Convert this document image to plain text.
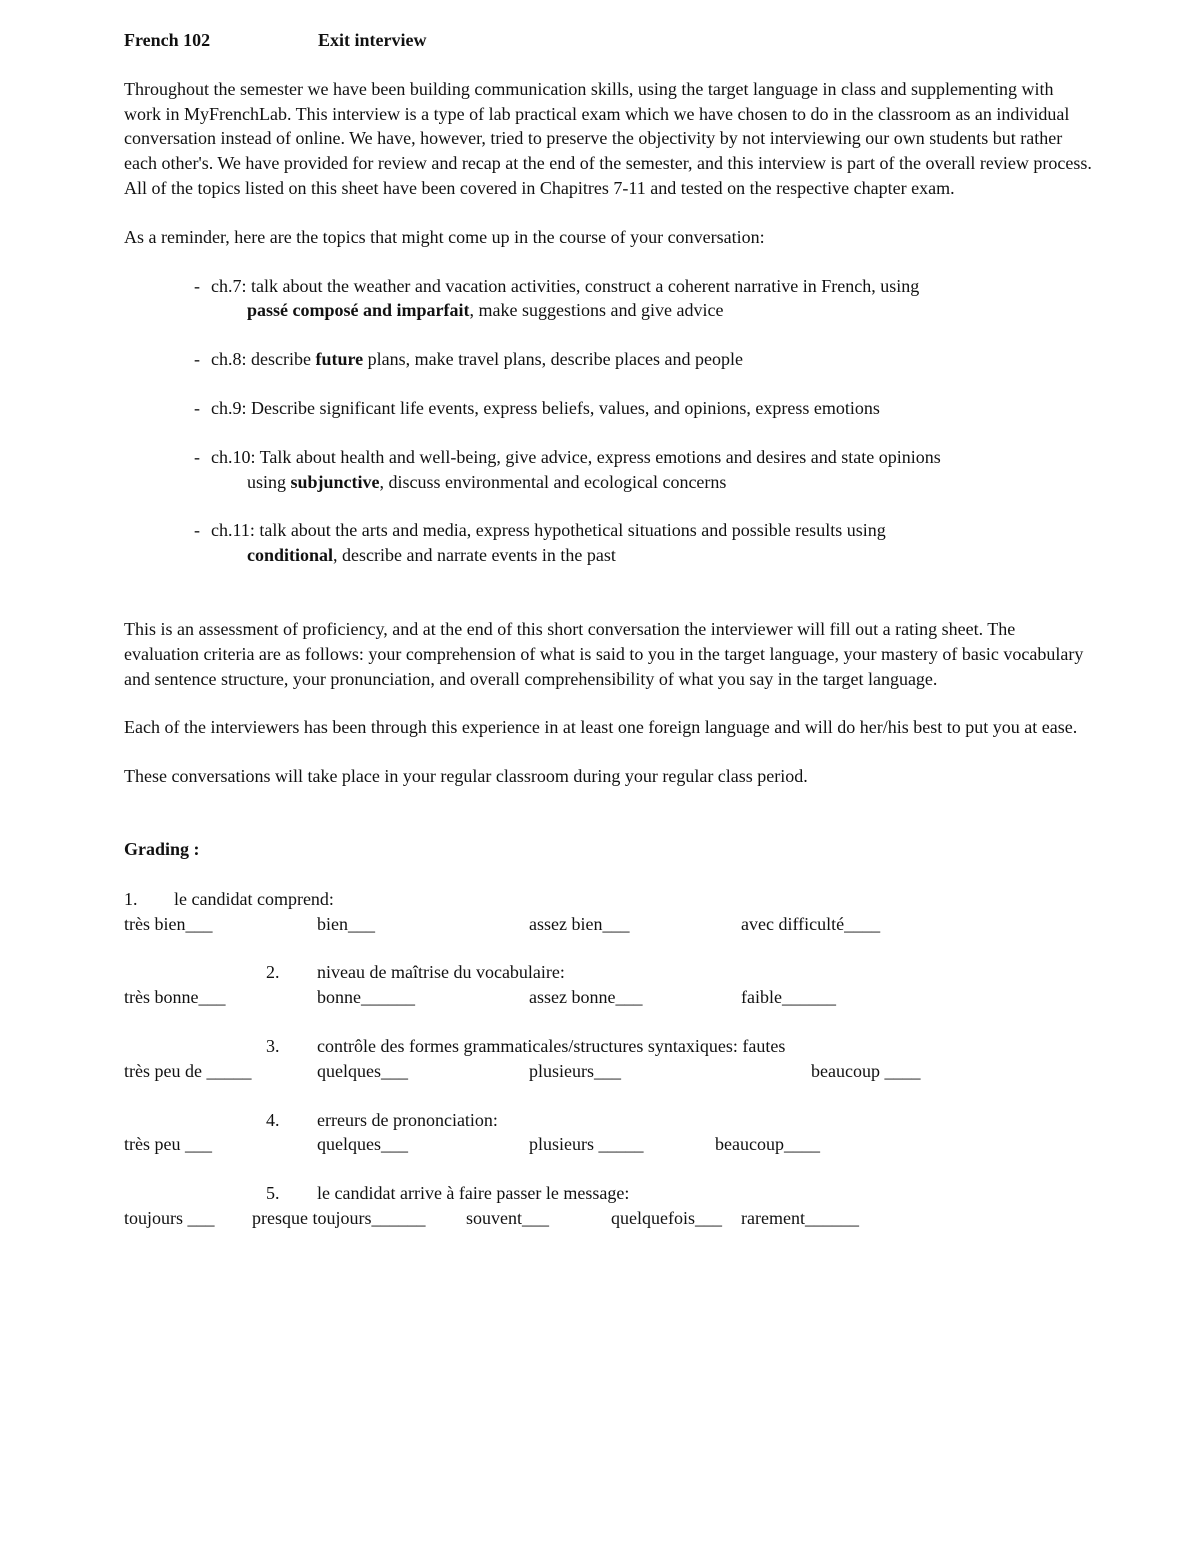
French 102	Exit interview

Throughout the semester we have been building communication skills, using the target language in class and supplementing with work in MyFrenchLab. This interview is a type of lab practical exam which we have chosen to do in the classroom as an individual conversation instead of online. We have, however, tried to preserve the objectivity by not interviewing our own students but rather each other's. We have provided for review and recap at the end of the semester, and this interview is part of the overall review process. All of the topics listed on this sheet have been covered in Chapitres 7-11 and tested on the respective chapter exam.

As a reminder, here are the topics that might come up in the course of your conversation:

- ch.7: talk about the weather and vacation activities, construct a coherent narrative in French, using
passé composé and imparfait, make suggestions and give advice
- ch.8: describe future plans, make travel plans, describe places and people
- ch.9: Describe significant life events, express beliefs, values, and opinions, express emotions
- ch.10: Talk about health and well-being, give advice, express emotions and desires and state opinions
using subjunctive, discuss environmental and ecological concerns
- ch.11: talk about the arts and media, express hypothetical situations and possible results using
conditional, describe and narrate events in the past

This is an assessment of proficiency, and at the end of this short conversation the interviewer will fill out a rating sheet. The evaluation criteria are as follows: your comprehension of what is said to you in the target language, your mastery of basic vocabulary and sentence structure, your pronunciation, and overall comprehensibility of what you say in the target language.

Each of the interviewers has been through this experience in at least one foreign language and will do her/his best to put you at ease.

These conversations will take place in your regular classroom during your regular class period.

Grading :

1. le candidat comprend:
très bien___	bien___	assez bien___	avec difficulté____
2. niveau de maîtrise du vocabulaire:
très bonne___	bonne______	assez bonne___	faible______
3. contrôle des formes grammaticales/structures syntaxiques: fautes
très peu de _____	quelques___	plusieurs___	beaucoup ____
4. erreurs de prononciation:
très peu ___	quelques___	plusieurs _____	beaucoup____
5. le candidat arrive à faire passer le message:
toujours ___ presque toujours______ souvent___	quelquefois___ rarement______
